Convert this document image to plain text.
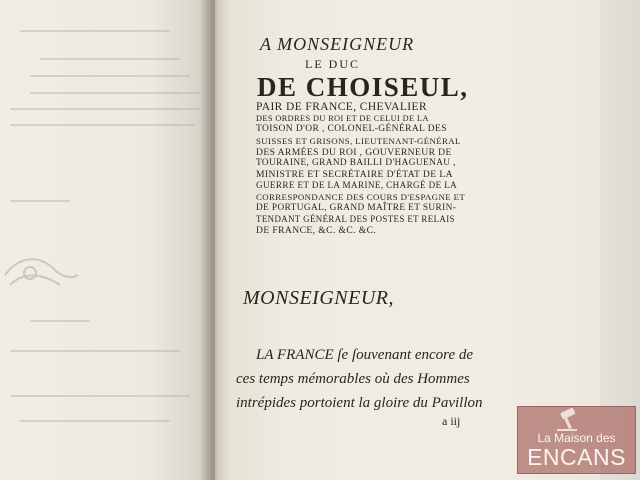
A MONSEIGNEUR
LE DUC
DE CHOISEUL,
PAIR DE FRANCE, CHEVALIER
DES ORDRES DU ROI ET DE CELUI DE LA
TOISON D'OR , COLONEL-GÉNÉRAL DES
SUISSES ET GRISONS, LIEUTENANT-GÉNÉRAL
DES ARMÉES DU ROI , GOUVERNEUR DE
TOURAINE, GRAND BAILLI D'HAGUENAU ,
MINISTRE ET SECRÉTAIRE D'ÉTAT DE LA
GUERRE ET DE LA MARINE, CHARGÉ DE LA
CORRESPONDANCE DES COURS D'ESPAGNE ET
DE PORTUGAL, GRAND MAÎTRE ET SURIN-
TENDANT GÉNÉRAL DES POSTES ET RELAIS
DE FRANCE, &C. &C. &C.
MONSEIGNEUR,
LA FRANCE ſe ſouvenant encore de
ces temps mémorables où des Hommes
intrépides portoient la gloire du Pavillon
a iij
La Maison des
ENCANS
